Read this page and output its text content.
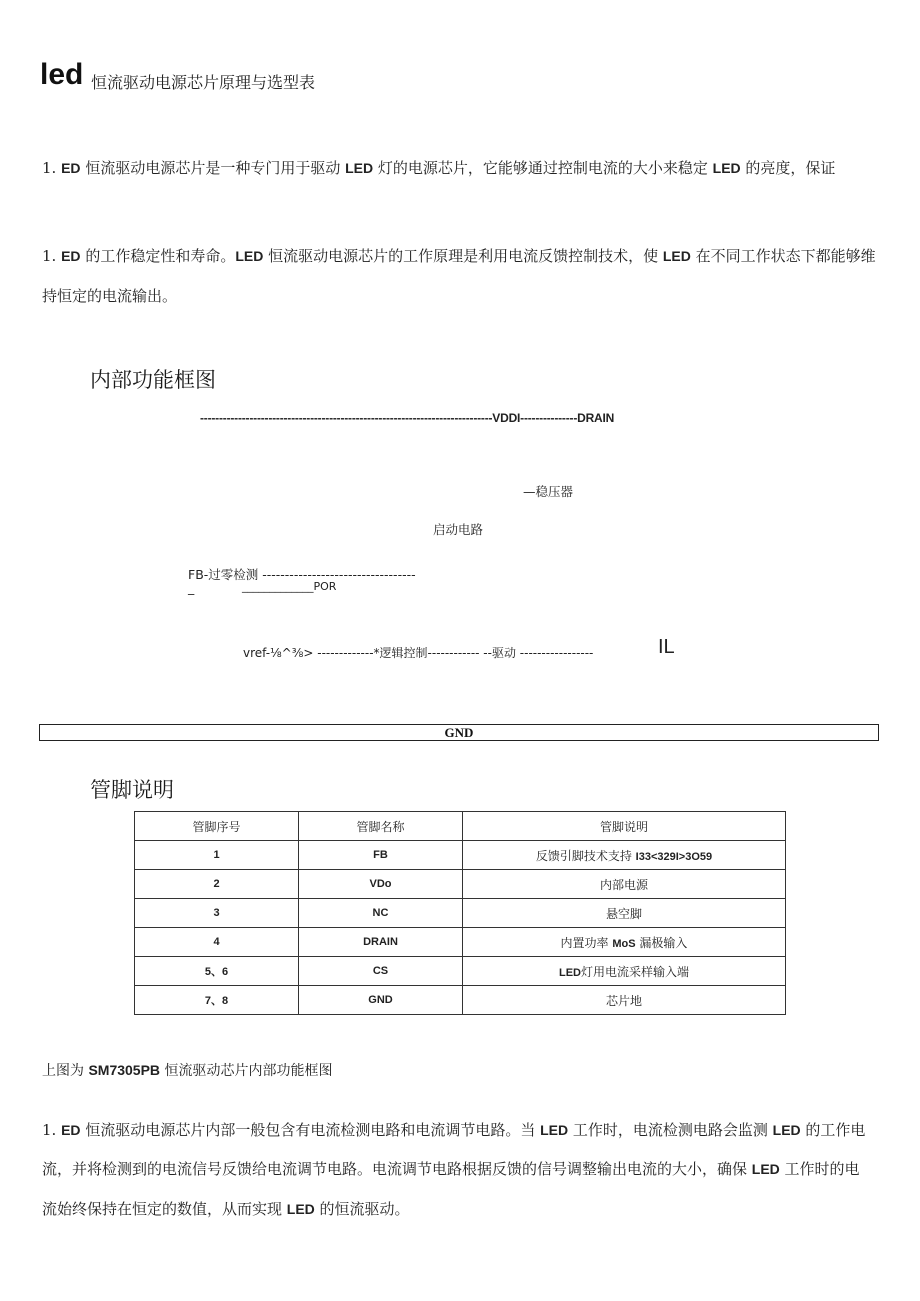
led 恒流驱动电源芯片原理与选型表
1. ED 恒流驱动电源芯片是一种专门用于驱动 LED 灯的电源芯片，它能够通过控制电流的大小来稳定 LED 的亮度，保证
1. ED 的工作稳定性和寿命。LED 恒流驱动电源芯片的工作原理是利用电流反馈控制技术，使 LED 在不同工作状态下都能够维
持恒定的电流输出。
内部功能框图
-----------------------------------------------------------------------------VDDI---------------DRAIN
—稳压器
启动电路
FB-过零检测 ----------------------------------
_	_____________POR
vref-⅛^⅜> -------------*逻辑控制------------ --驱动 -----------------	IL
GND
管脚说明
管脚序号	管脚名称	管脚说明
1	FB	反馈引脚技术支持 I33<329I>3O59
2	VDo	内部电源
3	NC	悬空脚
4	DRAIN	内置功率 MoS 漏极输入
5、6	CS	LED灯用电流采样输入端
7、8	GND	芯片地
上图为 SM7305PB 恒流驱动芯片内部功能框图
1. ED 恒流驱动电源芯片内部一般包含有电流检测电路和电流调节电路。当 LED 工作时，电流检测电路会监测 LED 的工作电
流，并将检测到的电流信号反馈给电流调节电路。电流调节电路根据反馈的信号调整输出电流的大小，确保 LED 工作时的电
流始终保持在恒定的数值，从而实现 LED 的恒流驱动。
